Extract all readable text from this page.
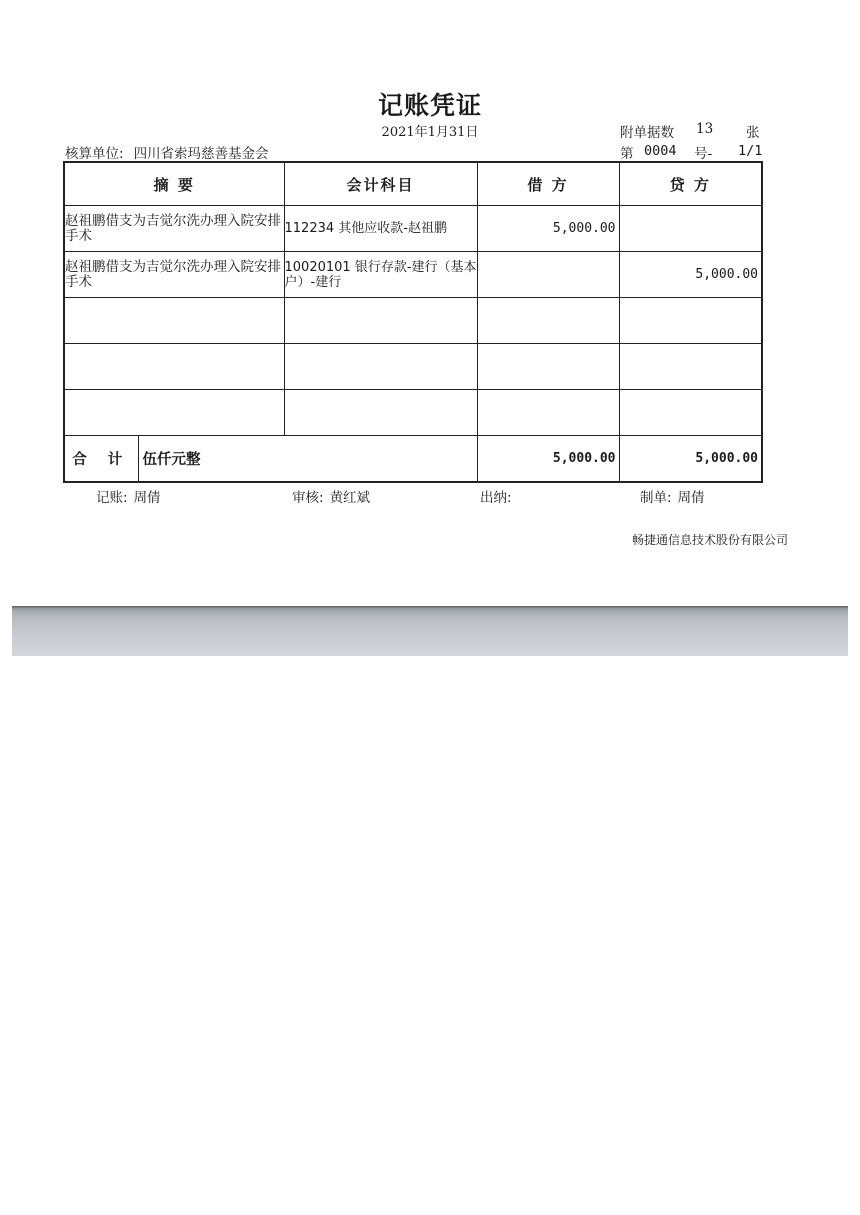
记账凭证
2021年1月31日
核算单位: 四川省索玛慈善基金会
附单据数 13 张
第 0004 号- 1/1
摘 要		会计科目	借 方	贷 方
赵祖鹏借支为吉觉尔洗办理入院安排手术		112234 其他应收款-赵祖鹏	5,000.00	
赵祖鹏借支为吉觉尔洗办理入院安排手术		10020101 银行存款-建行（基本户）-建行		5,000.00

合 计	伍仟元整		5,000.00	5,000.00
记账: 周倩	审核: 黄红斌	出纳:	制单: 周倩
畅捷通信息技术股份有限公司
